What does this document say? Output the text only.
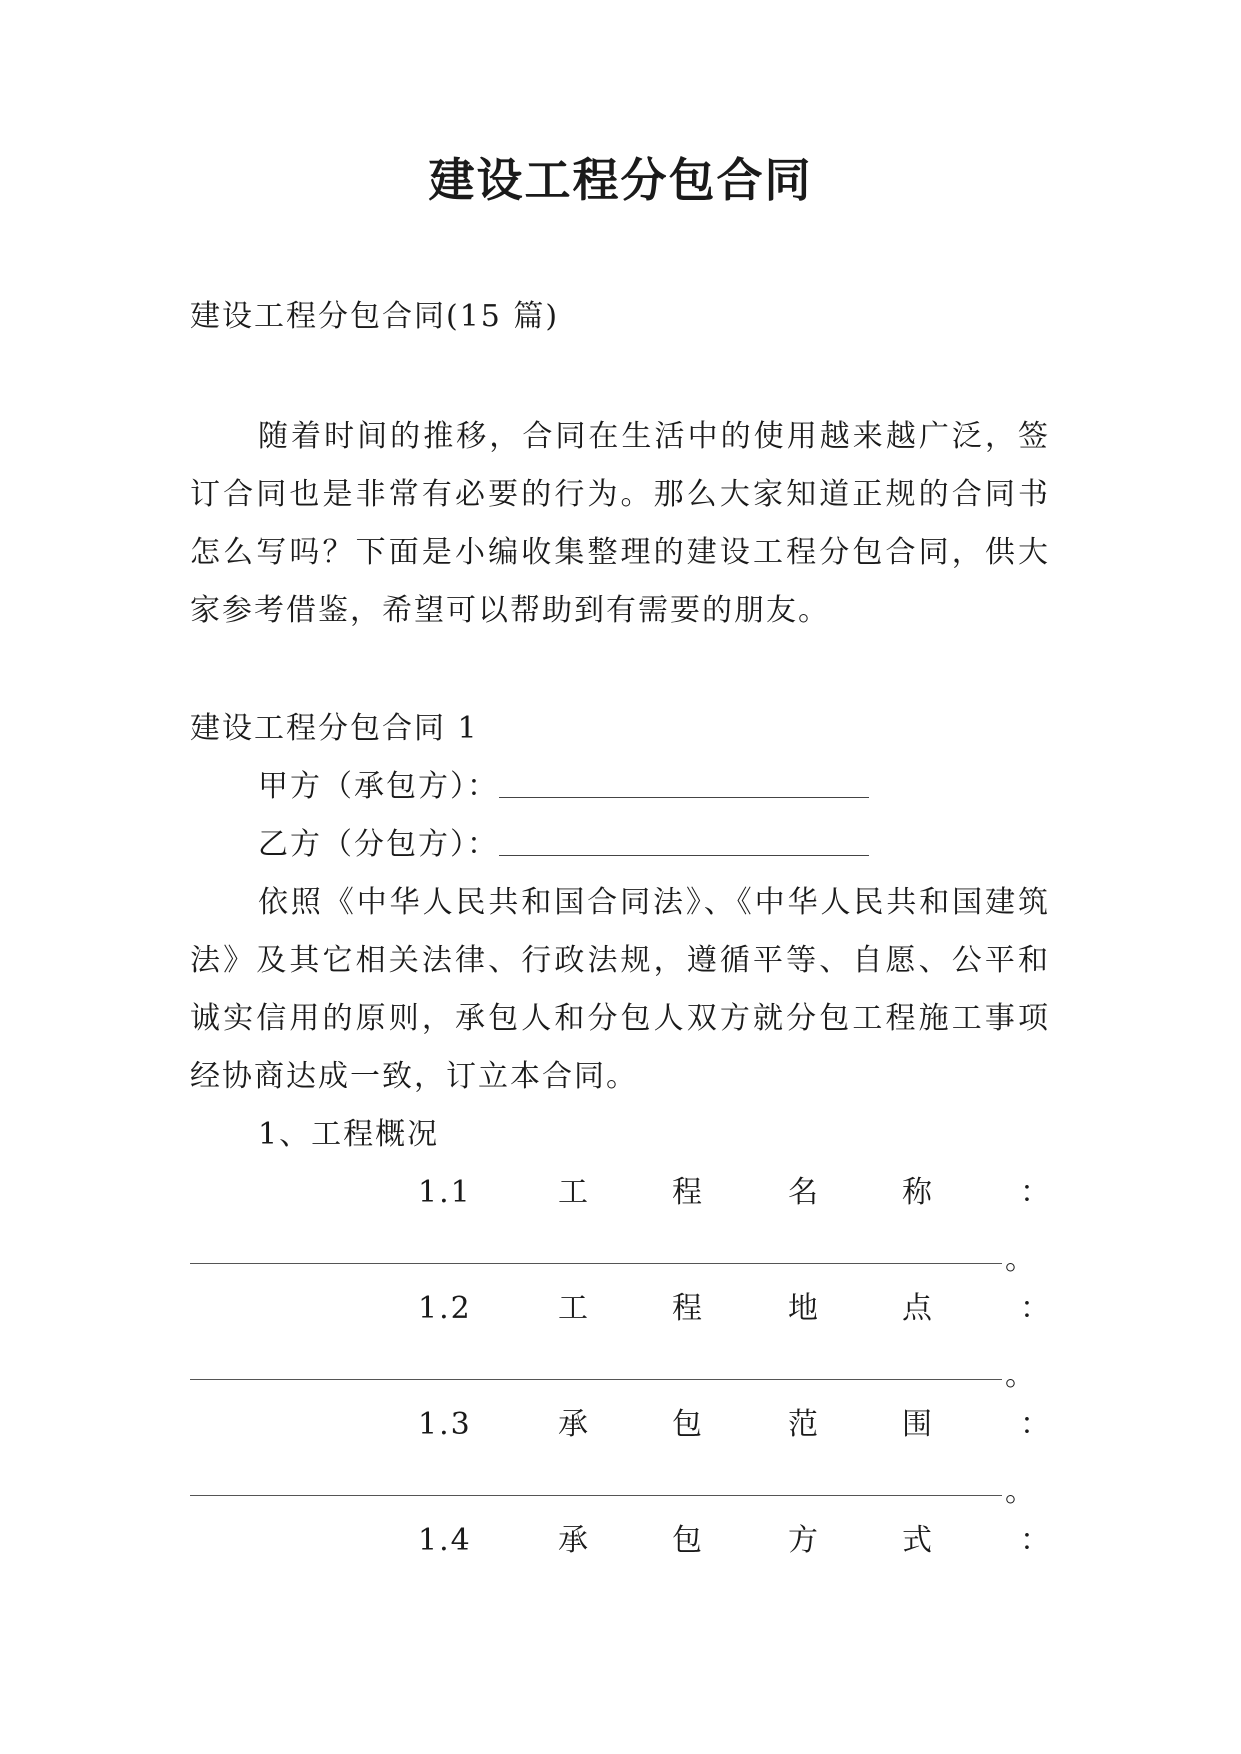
建设工程分包合同
建设工程分包合同(15 篇)
随着时间的推移，合同在生活中的使用越来越广泛，签订合同也是非常有必要的行为。那么大家知道正规的合同书怎么写吗？下面是小编收集整理的建设工程分包合同，供大家参考借鉴，希望可以帮助到有需要的朋友。
建设工程分包合同 1
甲方（承包方）：
乙方（分包方）：
依照《中华人民共和国合同法》、《中华人民共和国建筑法》及其它相关法律、行政法规，遵循平等、自愿、公平和诚实信用的原则，承包人和分包人双方就分包工程施工事项经协商达成一致，订立本合同。
1、工程概况
1.1	工	程	名	称	：
。
1.2	工	程	地	点	：
。
1.3	承	包	范	围	：
。
1.4	承	包	方	式	：
